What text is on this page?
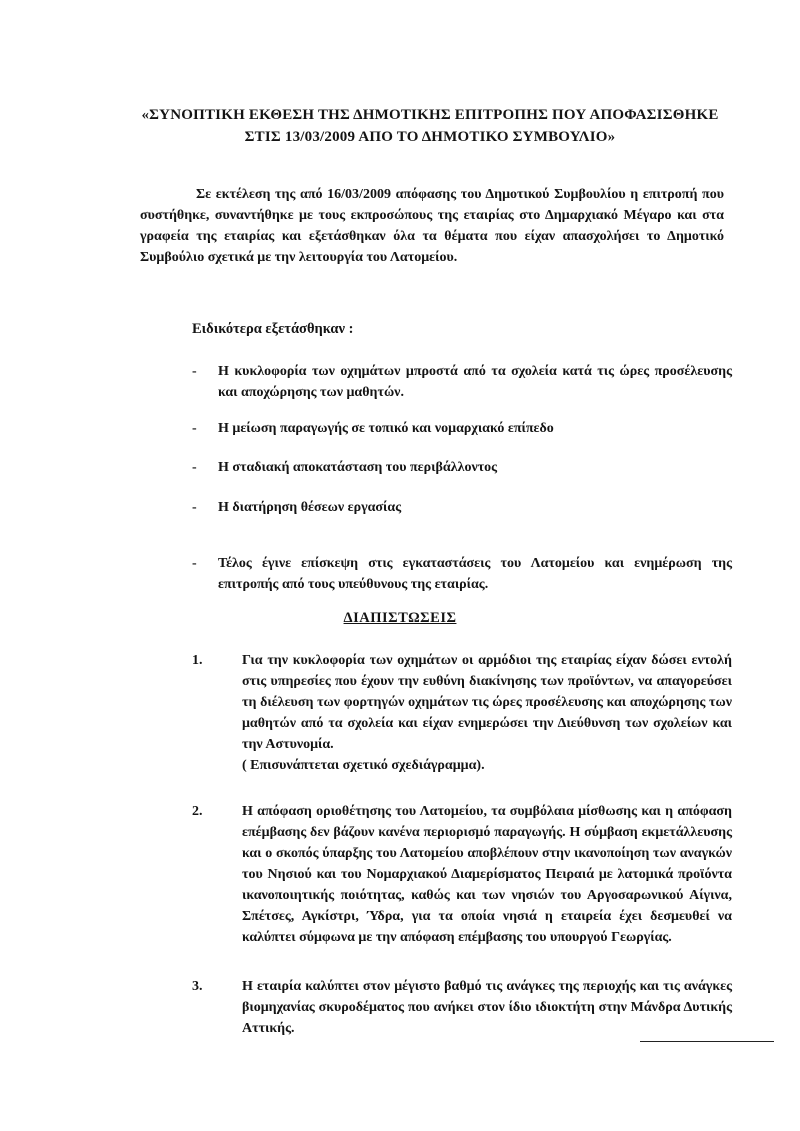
«ΣΥΝΟΠΤΙΚΗ ΕΚΘΕΣΗ ΤΗΣ ΔΗΜΟΤΙΚΗΣ ΕΠΙΤΡΟΠΗΣ ΠΟΥ ΑΠΟΦΑΣΙΣΘΗΚΕ ΣΤΙΣ 13/03/2009 ΑΠΟ ΤΟ ΔΗΜΟΤΙΚΟ ΣΥΜΒΟΥΛΙΟ»
Σε εκτέλεση της από 16/03/2009 απόφασης του Δημοτικού Συμβουλίου η επιτροπή που συστήθηκε, συναντήθηκε με τους εκπροσώπους της εταιρίας στο Δημαρχιακό Μέγαρο και στα γραφεία της εταιρίας και εξετάσθηκαν όλα τα θέματα που είχαν απασχολήσει το Δημοτικό Συμβούλιο σχετικά με την λειτουργία του Λατομείου.
Ειδικότερα εξετάσθηκαν :
-	Η κυκλοφορία των οχημάτων μπροστά από τα σχολεία κατά τις ώρες προσέλευσης και αποχώρησης των μαθητών.
-	Η μείωση παραγωγής σε τοπικό και νομαρχιακό επίπεδο
-	Η σταδιακή αποκατάσταση του περιβάλλοντος
-	Η διατήρηση θέσεων εργασίας
-	Τέλος έγινε επίσκεψη στις εγκαταστάσεις του Λατομείου και ενημέρωση της επιτροπής από τους υπεύθυνους της εταιρίας.
ΔΙΑΠΙΣΤΩΣΕΙΣ
1.	Για την κυκλοφορία των οχημάτων οι αρμόδιοι της εταιρίας είχαν δώσει εντολή στις υπηρεσίες που έχουν την ευθύνη διακίνησης των προϊόντων, να απαγορεύσει τη διέλευση των φορτηγών οχημάτων τις ώρες προσέλευσης και αποχώρησης των μαθητών από τα σχολεία και είχαν ενημερώσει την Διεύθυνση των σχολείων και την Αστυνομία.
( Επισυνάπτεται σχετικό σχεδιάγραμμα).
2.	Η απόφαση οριοθέτησης του Λατομείου, τα συμβόλαια μίσθωσης και η απόφαση επέμβασης δεν βάζουν κανένα περιορισμό παραγωγής. Η σύμβαση εκμετάλλευσης και ο σκοπός ύπαρξης του Λατομείου αποβλέπουν στην ικανοποίηση των αναγκών του Νησιού και του Νομαρχιακού Διαμερίσματος Πειραιά με λατομικά προϊόντα ικανοποιητικής ποιότητας, καθώς και των νησιών του Αργοσαρωνικού Αίγινα, Σπέτσες, Αγκίστρι, Ύδρα, για τα οποία νησιά η εταιρεία έχει δεσμευθεί να καλύπτει σύμφωνα με την απόφαση επέμβασης του υπουργού Γεωργίας.
3.	Η εταιρία καλύπτει στον μέγιστο βαθμό τις ανάγκες της περιοχής και τις ανάγκες βιομηχανίας σκυροδέματος που ανήκει στον ίδιο ιδιοκτήτη στην Μάνδρα Δυτικής Αττικής.
